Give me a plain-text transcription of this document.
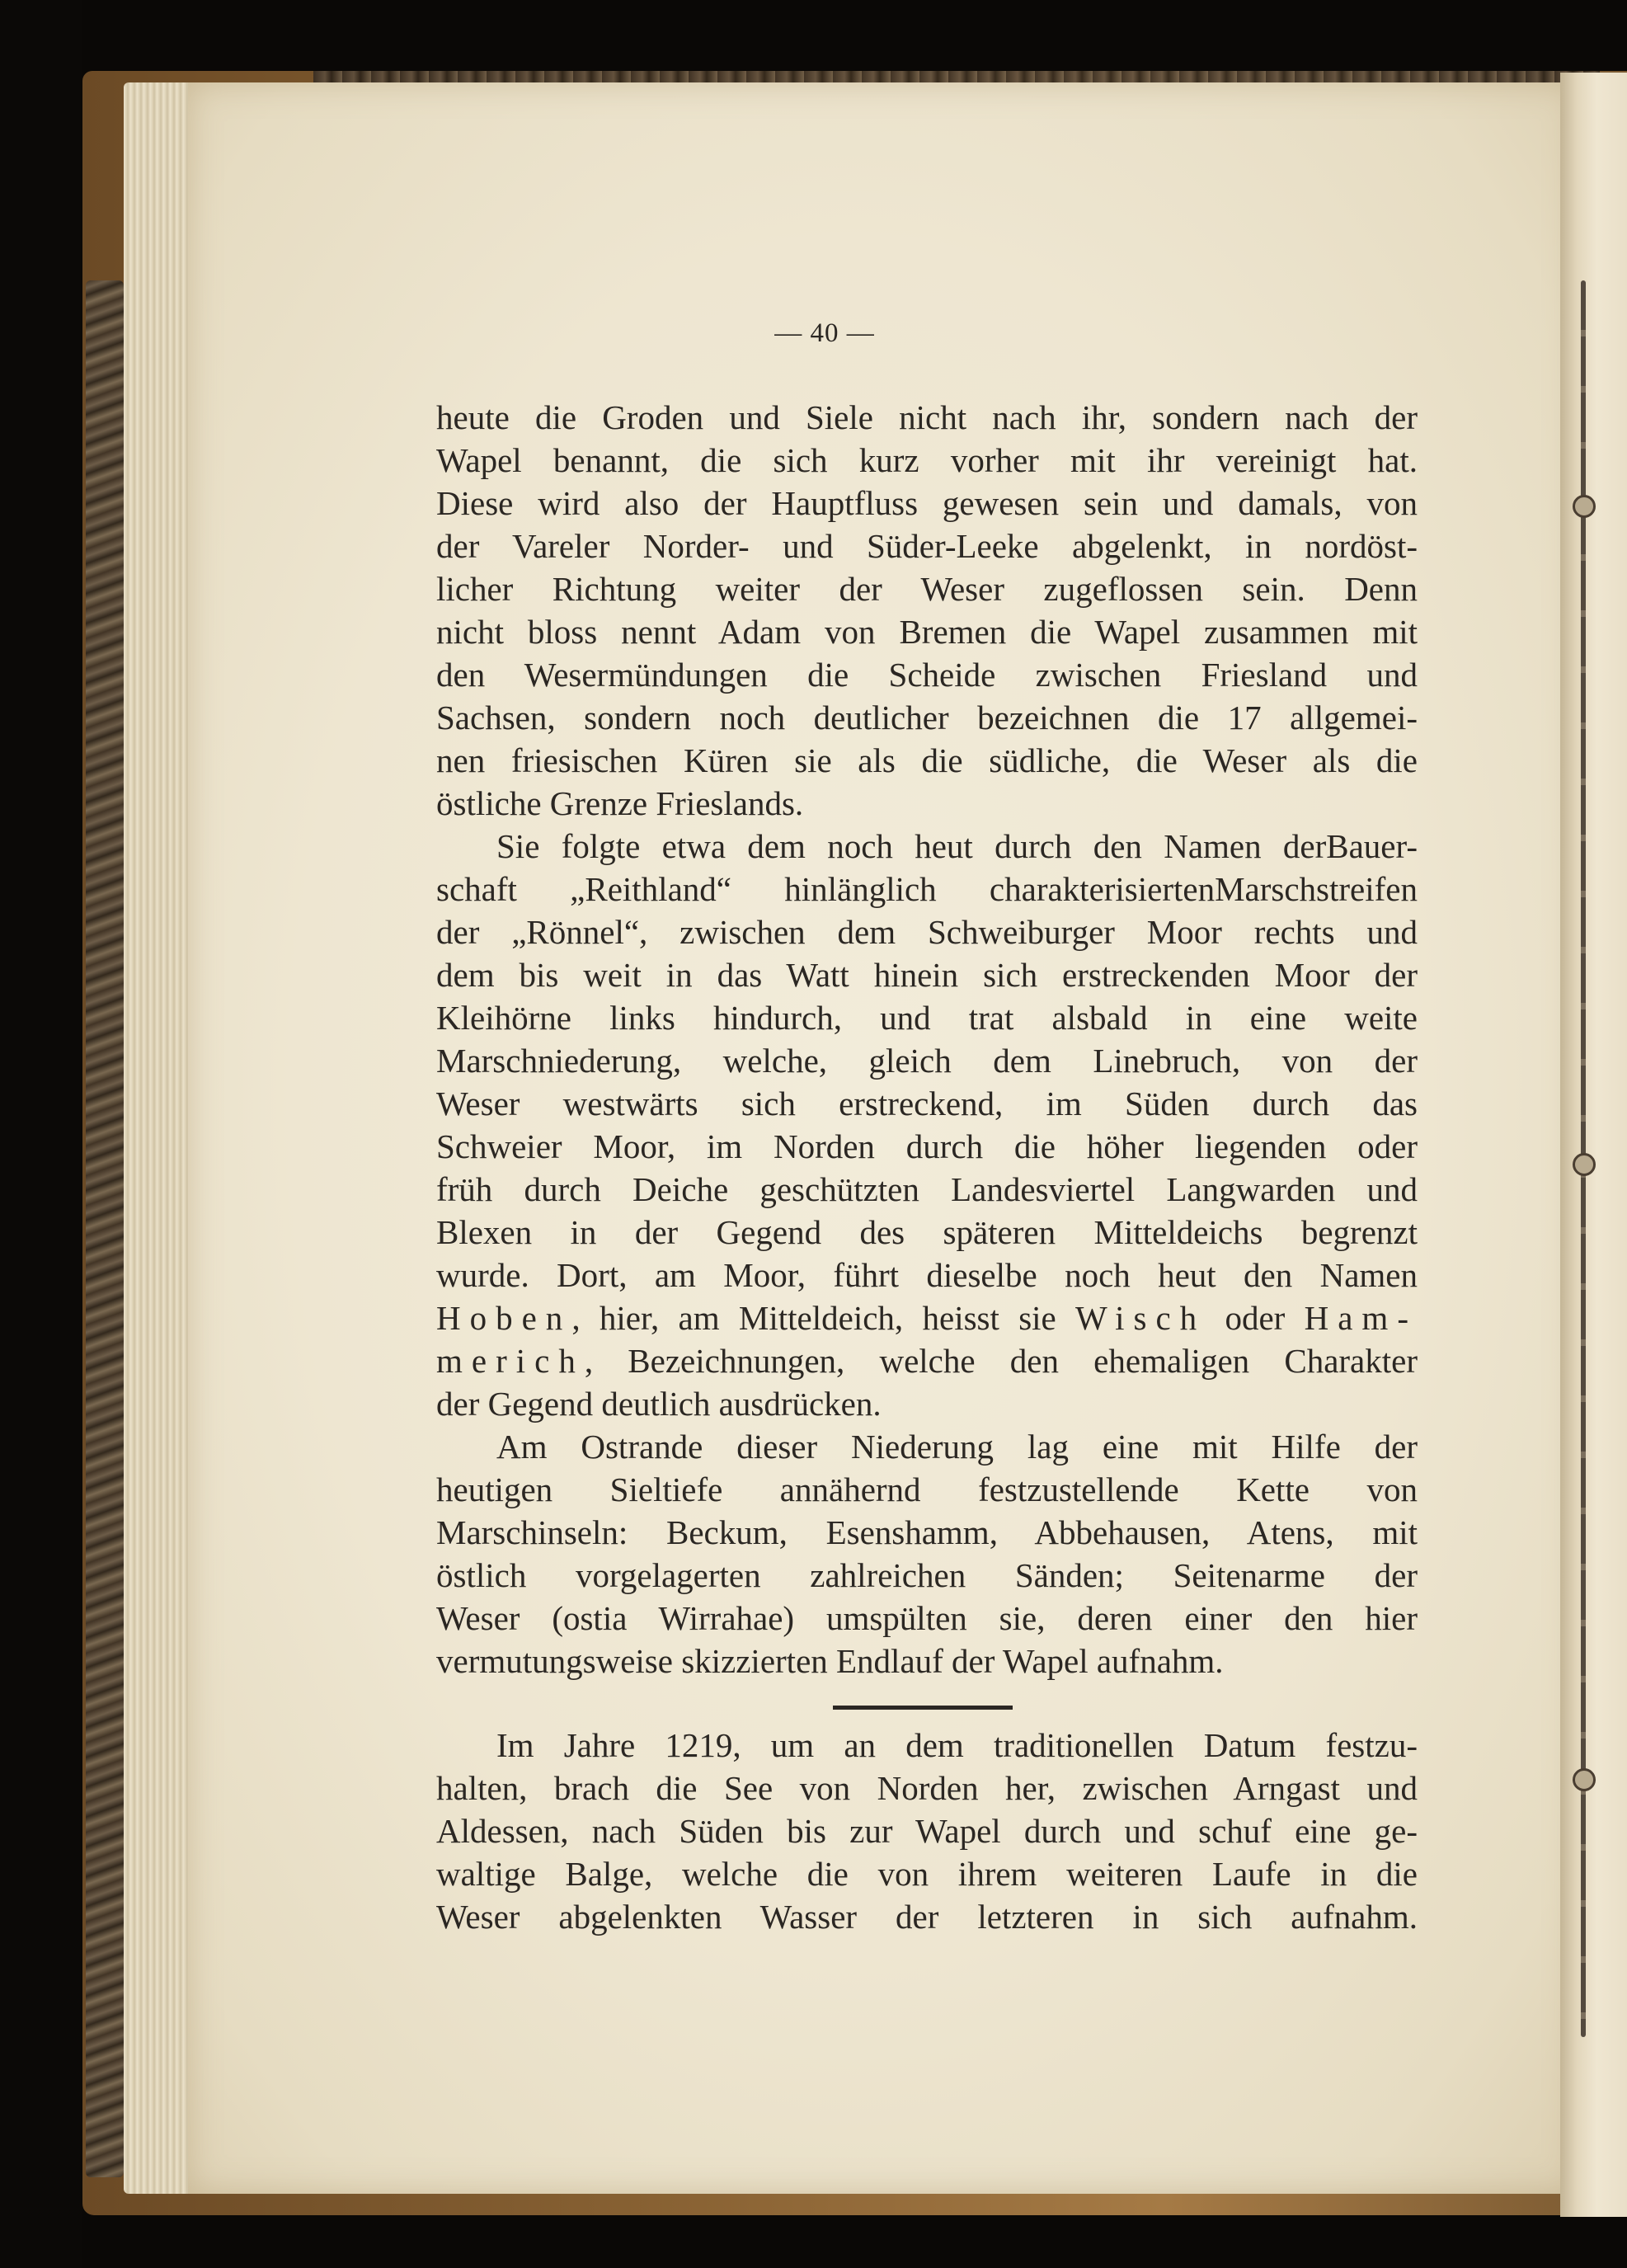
— 40 —
heute die Groden und Siele nicht nach ihr, sondern nach der
Wapel benannt, die sich kurz vorher mit ihr vereinigt hat.
Diese wird also der Hauptfluss gewesen sein und damals, von
der Vareler Norder- und Süder-Leeke abgelenkt, in nordöst-
licher Richtung weiter der Weser zugeflossen sein. Denn
nicht bloss nennt Adam von Bremen die Wapel zusammen mit
den Wesermündungen die Scheide zwischen Friesland und
Sachsen, sondern noch deutlicher bezeichnen die 17 allgemei-
nen friesischen Küren sie als die südliche, die Weser als die
östliche Grenze Frieslands.
Sie folgte etwa dem noch heut durch den Namen derBauer-
schaft „Reithland“ hinlänglich charakterisiertenMarschstreifen
der „Rönnel“, zwischen dem Schweiburger Moor rechts und
dem bis weit in das Watt hinein sich erstreckenden Moor der
Kleihörne links hindurch, und trat alsbald in eine weite
Marschniederung, welche, gleich dem Linebruch, von der
Weser westwärts sich erstreckend, im Süden durch das
Schweier Moor, im Norden durch die höher liegenden oder
früh durch Deiche geschützten Landesviertel Langwarden und
Blexen in der Gegend des späteren Mitteldeichs begrenzt
wurde. Dort, am Moor, führt dieselbe noch heut den Namen
Hoben, hier, am Mitteldeich, heisst sie Wisch oder Ham-
merich, Bezeichnungen, welche den ehemaligen Charakter
der Gegend deutlich ausdrücken.
Am Ostrande dieser Niederung lag eine mit Hilfe der
heutigen Sieltiefe annähernd festzustellende Kette von
Marschinseln: Beckum, Esenshamm, Abbehausen, Atens, mit
östlich vorgelagerten zahlreichen Sänden; Seitenarme der
Weser (ostia Wirrahae) umspülten sie, deren einer den hier
vermutungsweise skizzierten Endlauf der Wapel aufnahm.
Im Jahre 1219, um an dem traditionellen Datum festzu-
halten, brach die See von Norden her, zwischen Arngast und
Aldessen, nach Süden bis zur Wapel durch und schuf eine ge-
waltige Balge, welche die von ihrem weiteren Laufe in die
Weser abgelenkten Wasser der letzteren in sich aufnahm.
